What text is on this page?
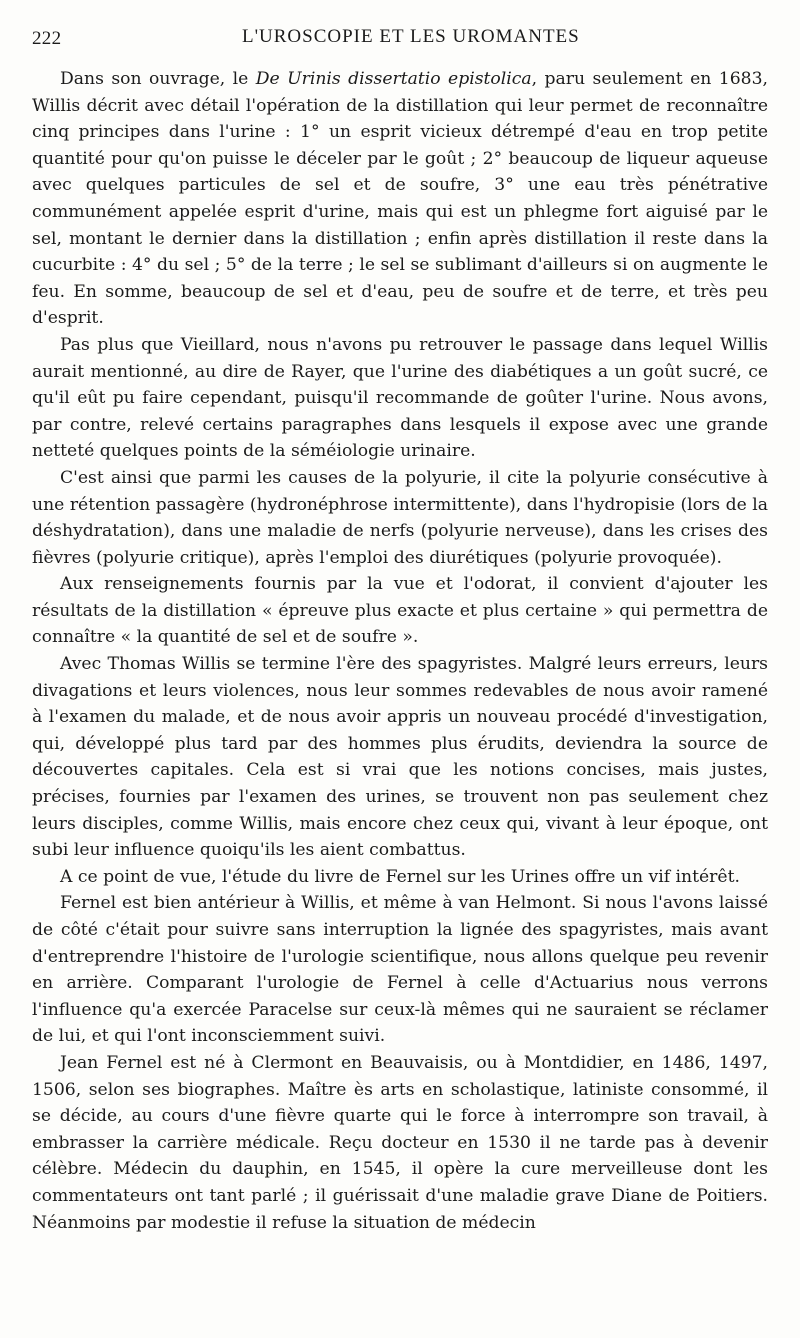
222	L'UROSCOPIE ET LES UROMANTES

Dans son ouvrage, le De Urinis dissertatio epistolica, paru seulement en 1683, Willis décrit avec détail l'opération de la distillation qui leur permet de reconnaître cinq principes dans l'urine : 1° un esprit vicieux détrempé d'eau en trop petite quantité pour qu'on puisse le déceler par le goût ; 2° beaucoup de liqueur aqueuse avec quelques particules de sel et de soufre, 3° une eau très pénétrative communément appelée esprit d'urine, mais qui est un phlegme fort aiguisé par le sel, montant le dernier dans la distillation ; enfin après distillation il reste dans la cucurbite : 4° du sel ; 5° de la terre ; le sel se sublimant d'ailleurs si on augmente le feu. En somme, beaucoup de sel et d'eau, peu de soufre et de terre, et très peu d'esprit.

Pas plus que Vieillard, nous n'avons pu retrouver le passage dans lequel Willis aurait mentionné, au dire de Rayer, que l'urine des diabétiques a un goût sucré, ce qu'il eût pu faire cependant, puisqu'il recommande de goûter l'urine. Nous avons, par contre, relevé certains paragraphes dans lesquels il expose avec une grande netteté quelques points de la séméiologie urinaire.

C'est ainsi que parmi les causes de la polyurie, il cite la polyurie consécutive à une rétention passagère (hydronéphrose intermittente), dans l'hydropisie (lors de la déshydratation), dans une maladie de nerfs (polyurie nerveuse), dans les crises des fièvres (polyurie critique), après l'emploi des diurétiques (polyurie provoquée).

Aux renseignements fournis par la vue et l'odorat, il convient d'ajouter les résultats de la distillation « épreuve plus exacte et plus certaine » qui permettra de connaître « la quantité de sel et de soufre ».

Avec Thomas Willis se termine l'ère des spagyristes. Malgré leurs erreurs, leurs divagations et leurs violences, nous leur sommes redevables de nous avoir ramené à l'examen du malade, et de nous avoir appris un nouveau procédé d'investigation, qui, développé plus tard par des hommes plus érudits, deviendra la source de découvertes capitales. Cela est si vrai que les notions concises, mais justes, précises, fournies par l'examen des urines, se trouvent non pas seulement chez leurs disciples, comme Willis, mais encore chez ceux qui, vivant à leur époque, ont subi leur influence quoiqu'ils les aient combattus.

A ce point de vue, l'étude du livre de Fernel sur les Urines offre un vif intérêt.

Fernel est bien antérieur à Willis, et même à van Helmont. Si nous l'avons laissé de côté c'était pour suivre sans interruption la lignée des spagyristes, mais avant d'entreprendre l'histoire de l'urologie scientifique, nous allons quelque peu revenir en arrière. Comparant l'urologie de Fernel à celle d'Actuarius nous verrons l'influence qu'a exercée Paracelse sur ceux-là mêmes qui ne sauraient se réclamer de lui, et qui l'ont inconsciemment suivi.

Jean Fernel est né à Clermont en Beauvaisis, ou à Montdidier, en 1486, 1497, 1506, selon ses biographes. Maître ès arts en scholastique, latiniste consommé, il se décide, au cours d'une fièvre quarte qui le force à interrompre son travail, à embrasser la carrière médicale. Reçu docteur en 1530 il ne tarde pas à devenir célèbre. Médecin du dauphin, en 1545, il opère la cure merveilleuse dont les commentateurs ont tant parlé ; il guérissait d'une maladie grave Diane de Poitiers. Néanmoins par modestie il refuse la situation de médecin
